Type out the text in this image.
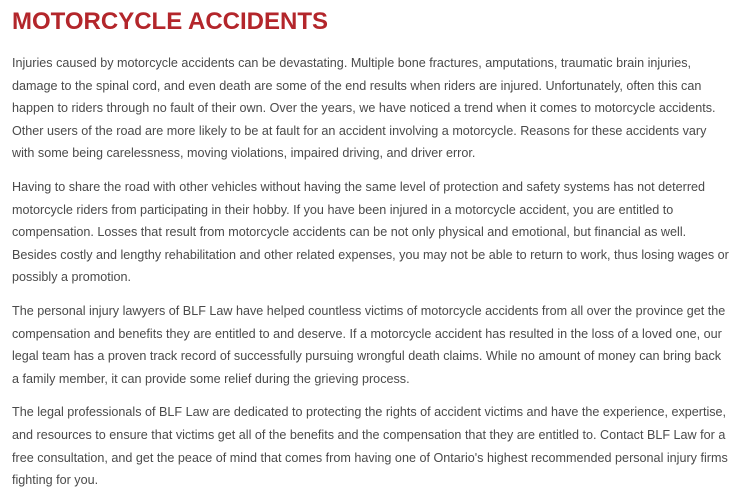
MOTORCYCLE ACCIDENTS

Injuries caused by motorcycle accidents can be devastating. Multiple bone fractures, amputations, traumatic brain injuries, damage to the spinal cord, and even death are some of the end results when riders are injured. Unfortunately, often this can happen to riders through no fault of their own. Over the years, we have noticed a trend when it comes to motorcycle accidents. Other users of the road are more likely to be at fault for an accident involving a motorcycle. Reasons for these accidents vary with some being carelessness, moving violations, impaired driving, and driver error.

Having to share the road with other vehicles without having the same level of protection and safety systems has not deterred motorcycle riders from participating in their hobby. If you have been injured in a motorcycle accident, you are entitled to compensation. Losses that result from motorcycle accidents can be not only physical and emotional, but financial as well. Besides costly and lengthy rehabilitation and other related expenses, you may not be able to return to work, thus losing wages or possibly a promotion.

The personal injury lawyers of BLF Law have helped countless victims of motorcycle accidents from all over the province get the compensation and benefits they are entitled to and deserve. If a motorcycle accident has resulted in the loss of a loved one, our legal team has a proven track record of successfully pursuing wrongful death claims. While no amount of money can bring back a family member, it can provide some relief during the grieving process.

The legal professionals of BLF Law are dedicated to protecting the rights of accident victims and have the experience, expertise, and resources to ensure that victims get all of the benefits and the compensation that they are entitled to. Contact BLF Law for a free consultation, and get the peace of mind that comes from having one of Ontario's highest recommended personal injury firms fighting for you.
